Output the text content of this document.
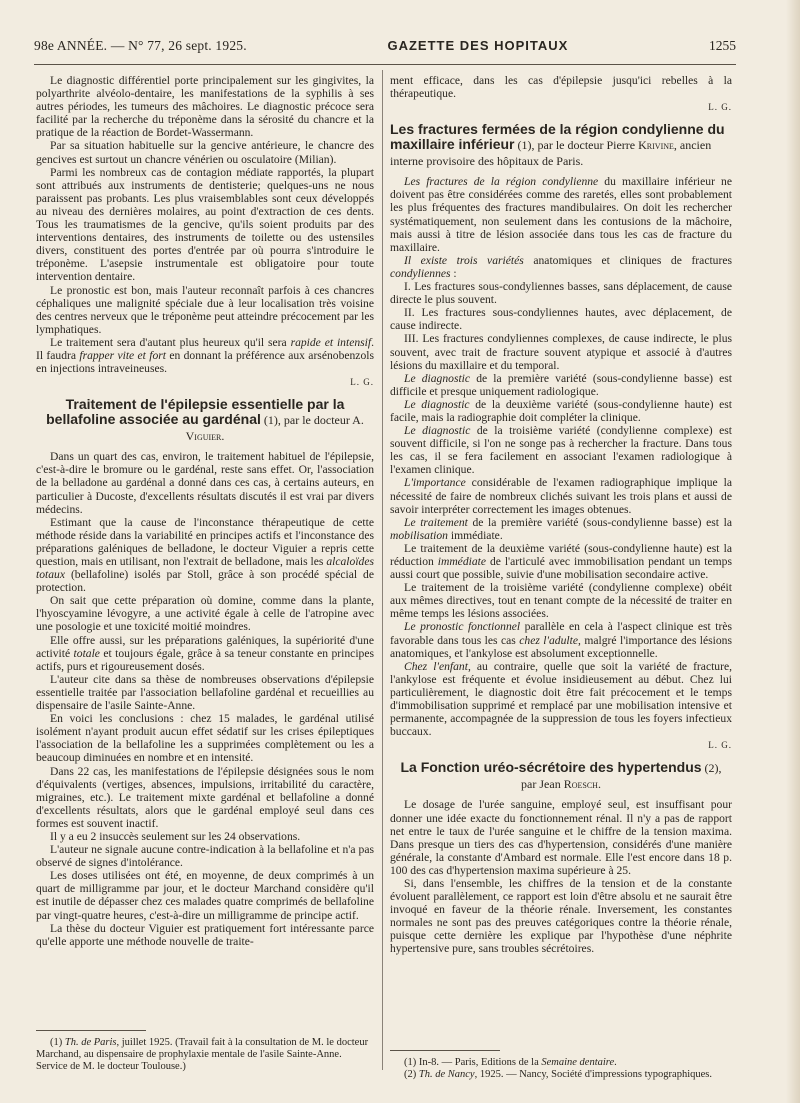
98e ANNÉE. — N° 77, 26 sept. 1925.	GAZETTE DES HOPITAUX	1255

Le diagnostic différentiel porte principalement sur les gingivites, la polyarthrite alvéolo-dentaire, les manifestations de la syphilis à ses autres périodes, les tumeurs des mâchoires. Le diagnostic précoce sera facilité par la recherche du tréponème dans la sérosité du chancre et la pratique de la réaction de Bordet-Wassermann.

Par sa situation habituelle sur la gencive antérieure, le chancre des gencives est surtout un chancre vénérien ou osculatoire (Milian).

Parmi les nombreux cas de contagion médiate rapportés, la plupart sont attribués aux instruments de dentisterie; quelques-uns ne nous paraissent pas probants. Les plus vraisemblables sont ceux développés au niveau des dernières molaires, au point d'extraction de ces dents. Tous les traumatismes de la gencive, qu'ils soient produits par des interventions dentaires, des instruments de toilette ou des ustensiles divers, constituent des portes d'entrée par où pourra s'introduire le tréponème. L'asepsie instrumentale est obligatoire pour toute intervention dentaire.

Le pronostic est bon, mais l'auteur reconnaît parfois à ces chancres céphaliques une malignité spéciale due à leur localisation très voisine des centres nerveux que le tréponème peut atteindre précocement par les lymphatiques.

Le traitement sera d'autant plus heureux qu'il sera rapide et intensif. Il faudra frapper vite et fort en donnant la préférence aux arsénobenzols en injections intraveineuses.

L. G.
Traitement de l'épilepsie essentielle par la bellafoline associée au gardénal (1), par le docteur A. Viguier.

Dans un quart des cas, environ, le traitement habituel de l'épilepsie, c'est-à-dire le bromure ou le gardénal, reste sans effet. Or, l'association de la belladone au gardénal a donné dans ces cas, à certains auteurs, en particulier à Ducoste, d'excellents résultats discutés il est vrai par divers médecins.

Estimant que la cause de l'inconstance thérapeutique de cette méthode réside dans la variabilité en principes actifs et l'inconstance des préparations galéniques de belladone, le docteur Viguier a repris cette question, mais en utilisant, non l'extrait de belladone, mais les alcaloïdes totaux (bellafoline) isolés par Stoll, grâce à son procédé spécial de protection.

On sait que cette préparation où domine, comme dans la plante, l'hyoscyamine lévogyre, a une activité égale à celle de l'atropine avec une posologie et une toxicité moitié moindres.

Elle offre aussi, sur les préparations galéniques, la supériorité d'une activité totale et toujours égale, grâce à sa teneur constante en principes actifs, purs et rigoureusement dosés.

L'auteur cite dans sa thèse de nombreuses observations d'épilepsie essentielle traitée par l'association bellafoline gardénal et recueillies au dispensaire de l'asile Sainte-Anne.

En voici les conclusions : chez 15 malades, le gardénal utilisé isolément n'ayant produit aucun effet sédatif sur les crises épileptiques l'association de la bellafoline les a supprimées complètement ou les a beaucoup diminuées en nombre et en intensité.

Dans 22 cas, les manifestations de l'épilepsie désignées sous le nom d'équivalents (vertiges, absences, impulsions, irritabilité du caractère, migraines, etc.). Le traitement mixte gardénal et bellafoline a donné d'excellents résultats, alors que le gardénal employé seul dans ces formes est souvent inactif.

Il y a eu 2 insuccès seulement sur les 24 observations.

L'auteur ne signale aucune contre-indication à la bellafoline et n'a pas observé de signes d'intolérance.

Les doses utilisées ont été, en moyenne, de deux comprimés à un quart de milligramme par jour, et le docteur Marchand considère qu'il est inutile de dépasser chez ces malades quatre comprimés de bellafoline par vingt-quatre heures, c'est-à-dire un milligramme de principe actif.

La thèse du docteur Viguier est pratiquement fort intéressante parce qu'elle apporte une méthode nouvelle de traite-

(1) Th. de Paris, juillet 1925. (Travail fait à la consultation de M. le docteur Marchand, au dispensaire de prophylaxie mentale de l'asile Sainte-Anne. Service de M. le docteur Toulouse.)

ment efficace, dans les cas d'épilepsie jusqu'ici rebelles à la thérapeutique.

L. G.
Les fractures fermées de la région condylienne du maxillaire inférieur (1), par le docteur Pierre Krivine, ancien interne provisoire des hôpitaux de Paris.

Les fractures de la région condylienne du maxillaire inférieur ne doivent pas être considérées comme des raretés, elles sont probablement les plus fréquentes des fractures mandibulaires. On doit les rechercher systématiquement, non seulement dans les contusions de la mâchoire, mais aussi à titre de lésion associée dans tous les cas de fracture du maxillaire.

Il existe trois variétés anatomiques et cliniques de fractures condyliennes :

I. Les fractures sous-condyliennes basses, sans déplacement, de cause directe le plus souvent.

II. Les fractures sous-condyliennes hautes, avec déplacement, de cause indirecte.

III. Les fractures condyliennes complexes, de cause indirecte, le plus souvent, avec trait de fracture souvent atypique et associé à d'autres lésions du maxillaire et du temporal.

Le diagnostic de la première variété (sous-condylienne basse) est difficile et presque uniquement radiologique.

Le diagnostic de la deuxième variété (sous-condylienne haute) est facile, mais la radiographie doit compléter la clinique.

Le diagnostic de la troisième variété (condylienne complexe) est souvent difficile, si l'on ne songe pas à rechercher la fracture. Dans tous les cas, il se fera facilement en associant l'examen radiologique à l'examen clinique.

L'importance considérable de l'examen radiographique implique la nécessité de faire de nombreux clichés suivant les trois plans et aussi de savoir interpréter correctement les images obtenues.

Le traitement de la première variété (sous-condylienne basse) est la mobilisation immédiate.

Le traitement de la deuxième variété (sous-condylienne haute) est la réduction immédiate de l'articulé avec immobilisation pendant un temps aussi court que possible, suivie d'une mobilisation secondaire active.

Le traitement de la troisième variété (condylienne complexe) obéit aux mêmes directives, tout en tenant compte de la nécessité de traiter en même temps les lésions associées.

Le pronostic fonctionnel parallèle en cela à l'aspect clinique est très favorable dans tous les cas chez l'adulte, malgré l'importance des lésions anatomiques, et l'ankylose est absolument exceptionnelle.

Chez l'enfant, au contraire, quelle que soit la variété de fracture, l'ankylose est fréquente et évolue insidieusement au début. Chez lui particulièrement, le diagnostic doit être fait précocement et le temps d'immobilisation supprimé et remplacé par une mobilisation intensive et permanente, accompagnée de la suppression de tous les foyers infectieux buccaux.

L. G.
La Fonction uréo-sécrétoire des hypertendus (2),
par Jean Roesch.

Le dosage de l'urée sanguine, employé seul, est insuffisant pour donner une idée exacte du fonctionnement rénal. Il n'y a pas de rapport net entre le taux de l'urée sanguine et le chiffre de la tension maxima. Dans presque un tiers des cas d'hypertension, considérés d'une manière générale, la constante d'Ambard est normale. Elle l'est encore dans 18 p. 100 des cas d'hypertension maxima supérieure à 25.

Si, dans l'ensemble, les chiffres de la tension et de la constante évoluent parallèlement, ce rapport est loin d'être absolu et ne saurait être invoqué en faveur de la théorie rénale. Inversement, les constantes normales ne sont pas des preuves catégoriques contre la théorie rénale, puisque cette dernière les explique par l'hypothèse d'une néphrite hypertensive pure, sans troubles sécrétoires.

(1) In-8. — Paris, Editions de la Semaine dentaire.

(2) Th. de Nancy, 1925. — Nancy, Société d'impressions typographiques.
